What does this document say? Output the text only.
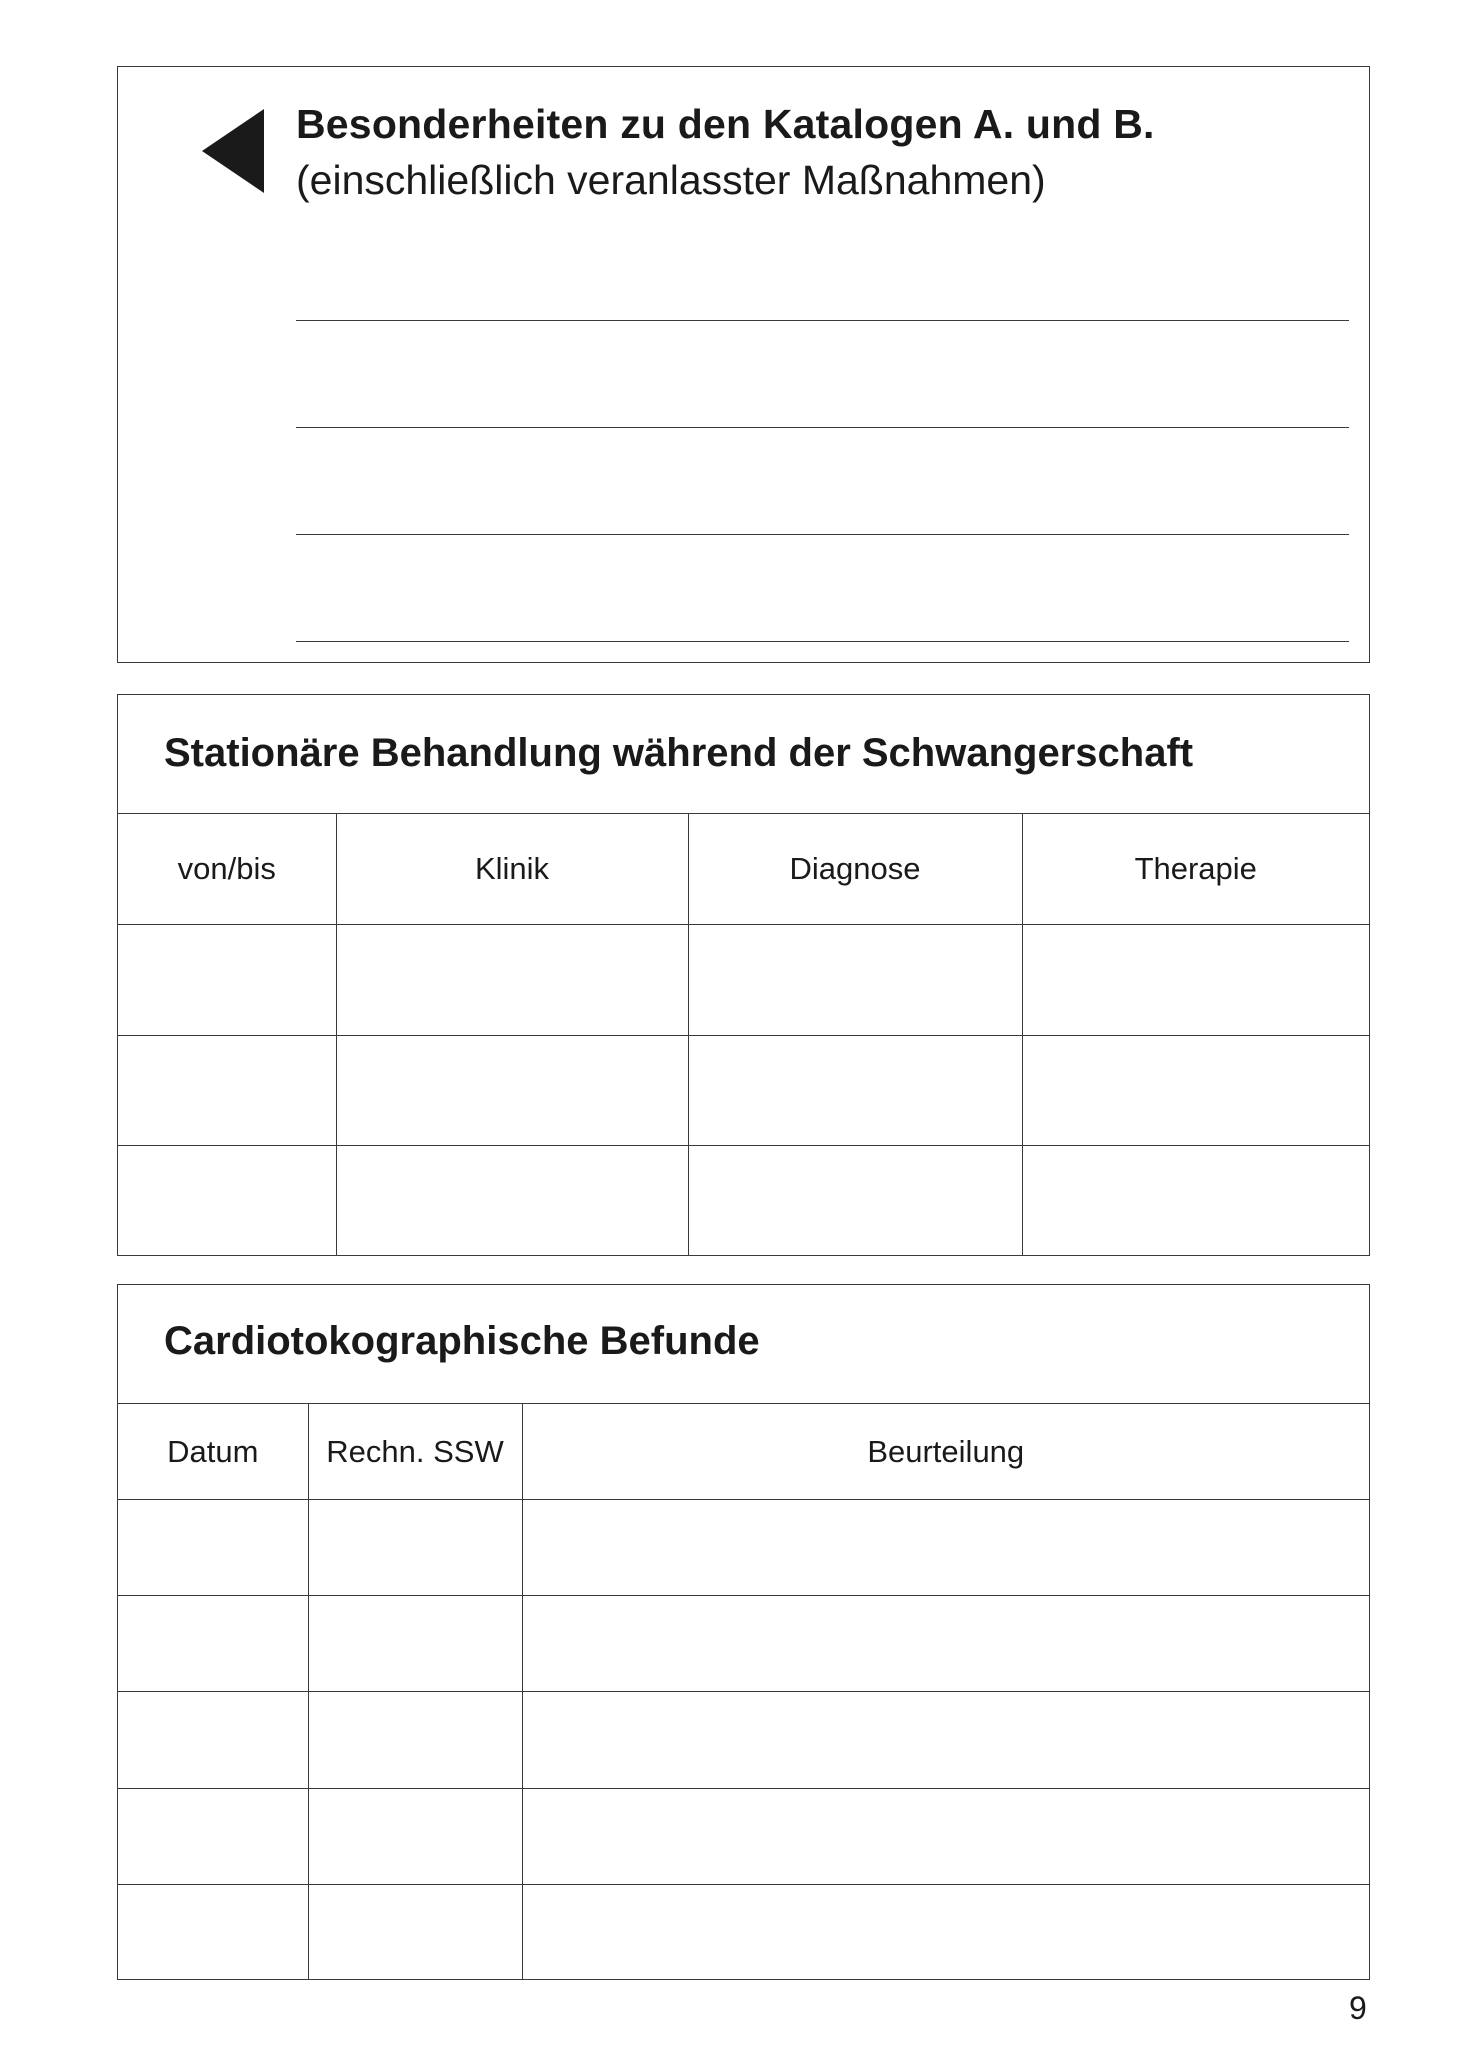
Besonderheiten zu den Katalogen A. und B.
(einschließlich veranlasster Maßnahmen)
Stationäre Behandlung während der Schwangerschaft
von/bis	Klinik	Diagnose	Therapie

Cardiotokographische Befunde
Datum	Rechn. SSW	Beurteilung

9
